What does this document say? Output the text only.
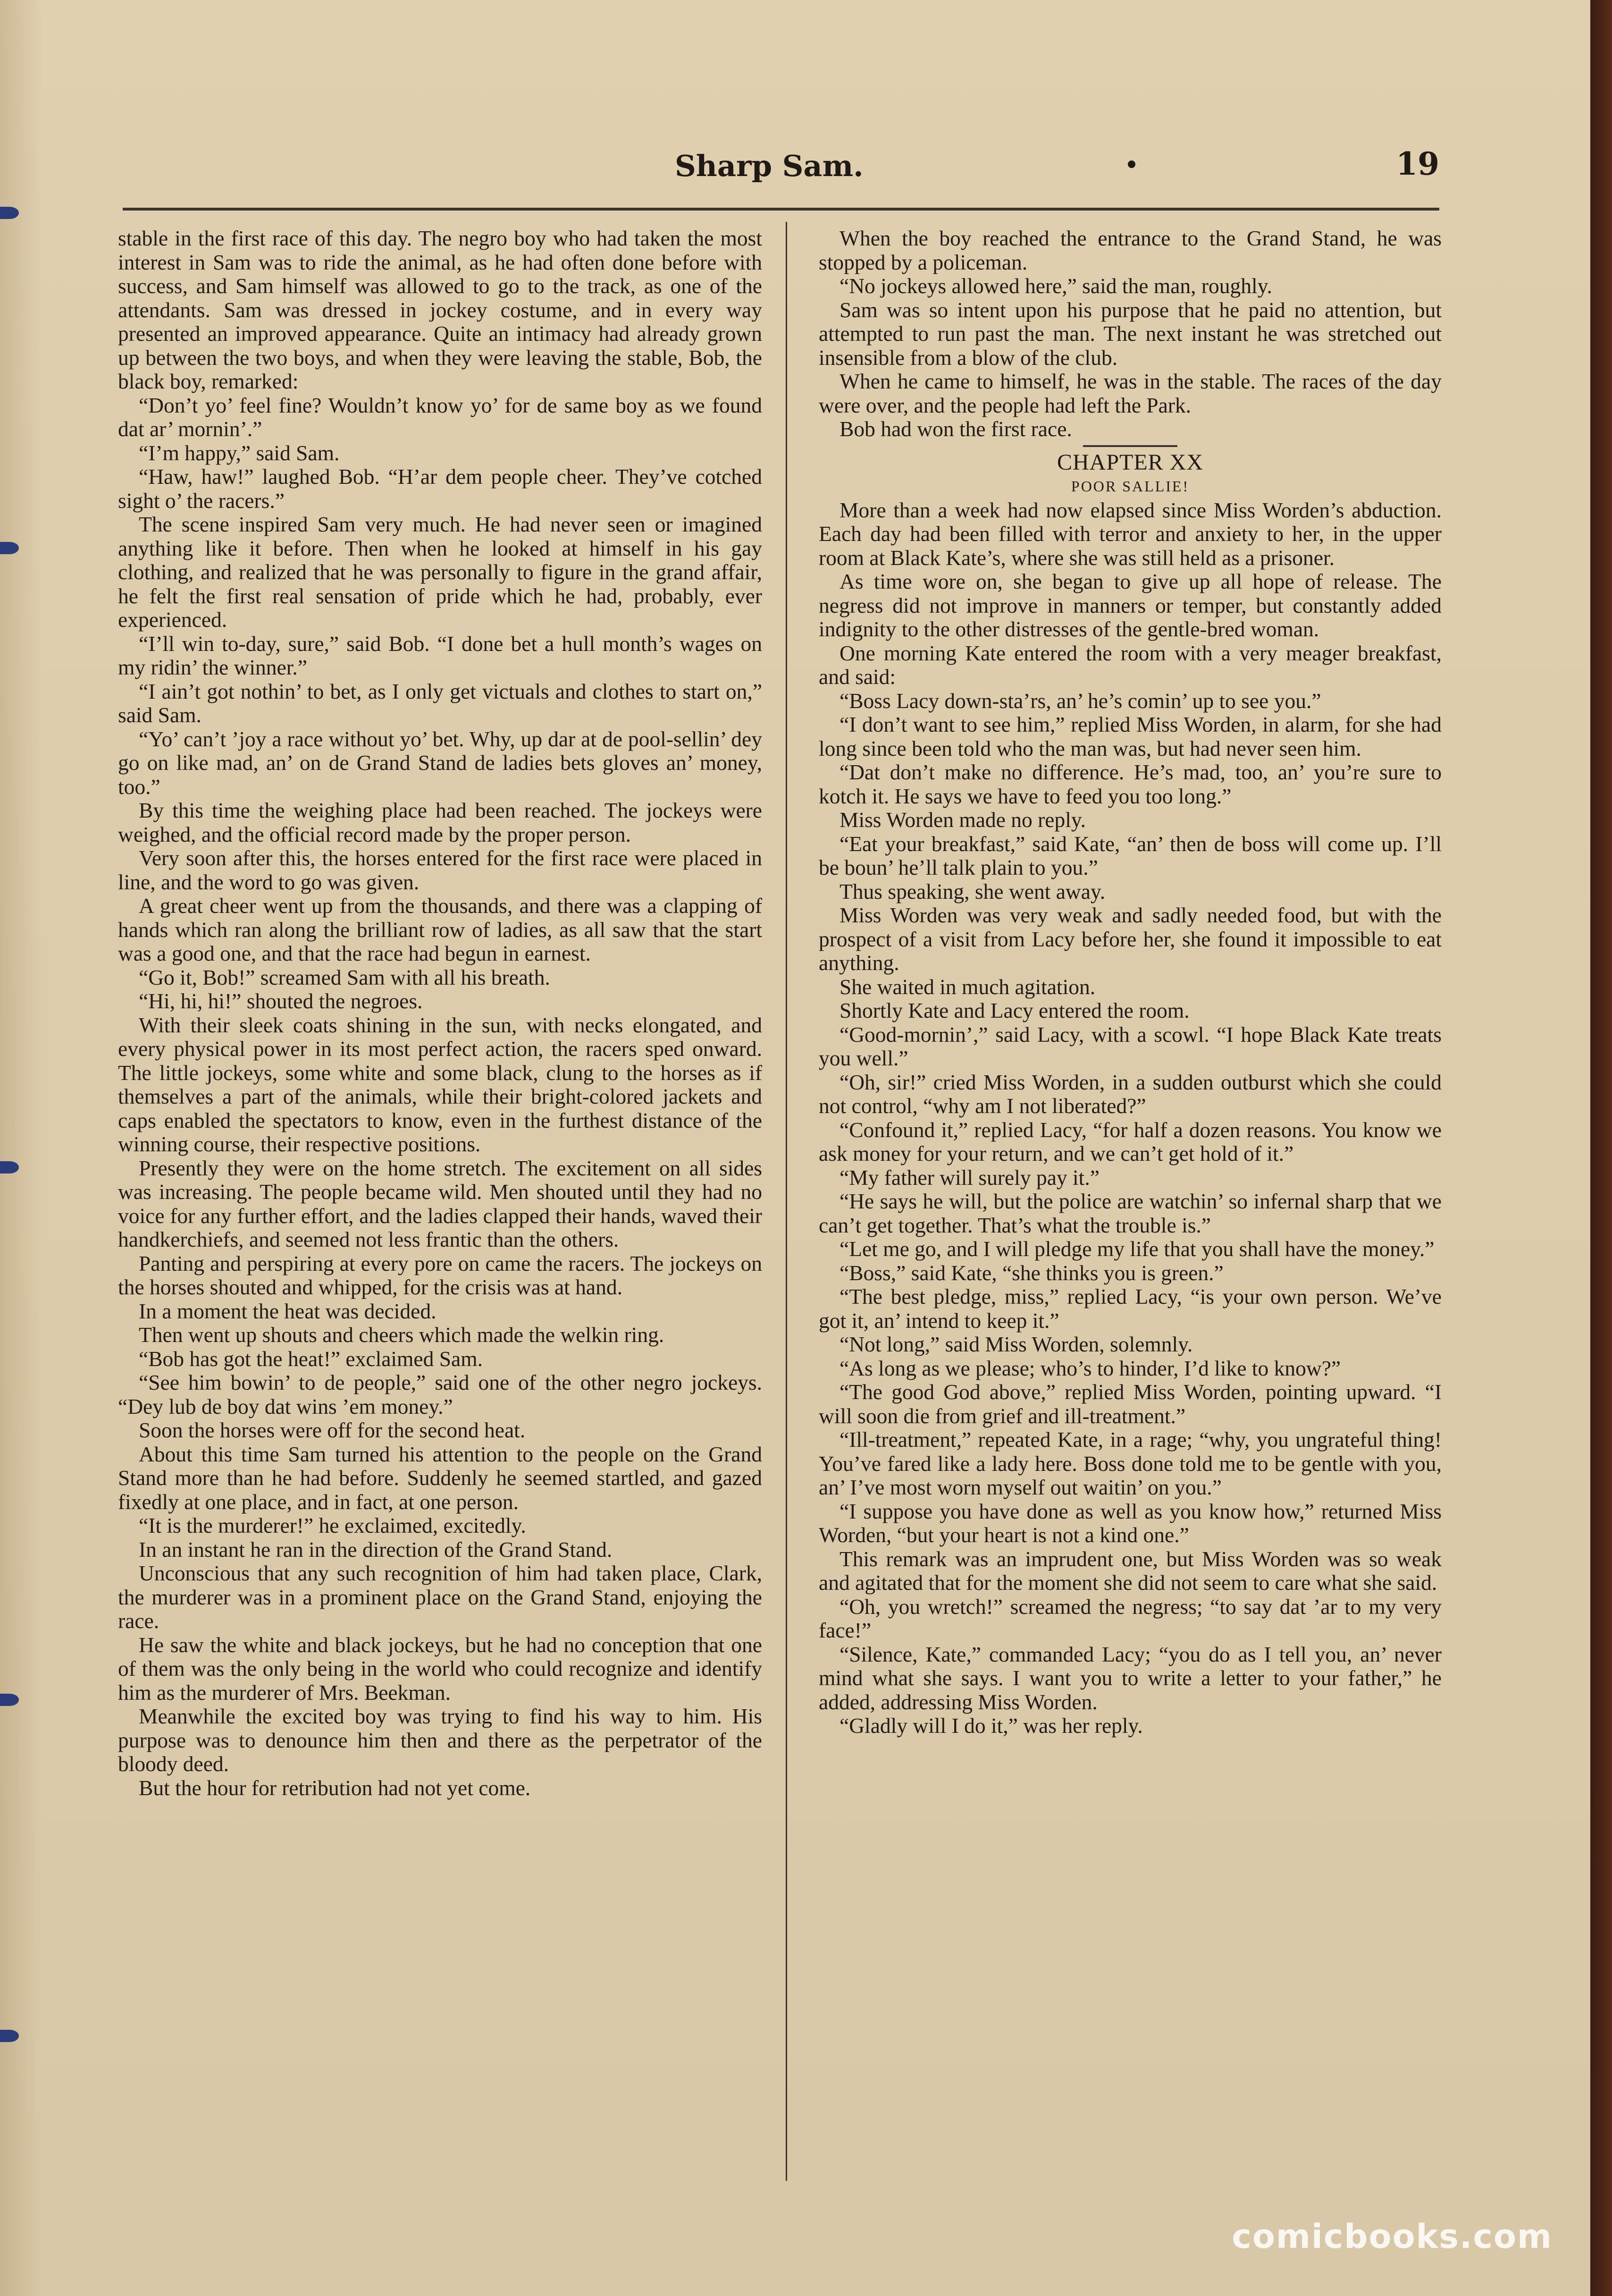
Sharp Sam.	19

stable in the first race of this day. The negro boy who had taken the most interest in Sam was to ride the animal, as he had often done before with success, and Sam himself was allowed to go to the track, as one of the attendants. Sam was dressed in jockey costume, and in every way presented an improved appearance. Quite an intimacy had already grown up between the two boys, and when they were leaving the stable, Bob, the black boy, remarked:

“Don’t yo’ feel fine? Wouldn’t know yo’ for de same boy as we found dat ar’ mornin’.”

“I’m happy,” said Sam.

“Haw, haw!” laughed Bob. “H’ar dem people cheer. They’ve cotched sight o’ the racers.”

The scene inspired Sam very much. He had never seen or imagined anything like it before. Then when he looked at himself in his gay clothing, and realized that he was personally to figure in the grand affair, he felt the first real sensation of pride which he had, probably, ever experienced.

“I’ll win to-day, sure,” said Bob. “I done bet a hull month’s wages on my ridin’ the winner.”

“I ain’t got nothin’ to bet, as I only get victuals and clothes to start on,” said Sam.

“Yo’ can’t ’joy a race without yo’ bet. Why, up dar at de pool-sellin’ dey go on like mad, an’ on de Grand Stand de ladies bets gloves an’ money, too.”

By this time the weighing place had been reached. The jockeys were weighed, and the official record made by the proper person.

Very soon after this, the horses entered for the first race were placed in line, and the word to go was given.

A great cheer went up from the thousands, and there was a clapping of hands which ran along the brilliant row of ladies, as all saw that the start was a good one, and that the race had begun in earnest.

“Go it, Bob!” screamed Sam with all his breath.

“Hi, hi, hi!” shouted the negroes.

With their sleek coats shining in the sun, with necks elongated, and every physical power in its most perfect action, the racers sped onward. The little jockeys, some white and some black, clung to the horses as if themselves a part of the animals, while their bright-colored jackets and caps enabled the spectators to know, even in the furthest distance of the winning course, their respective positions.

Presently they were on the home stretch. The excitement on all sides was increasing. The people became wild. Men shouted until they had no voice for any further effort, and the ladies clapped their hands, waved their handkerchiefs, and seemed not less frantic than the others.

Panting and perspiring at every pore on came the racers. The jockeys on the horses shouted and whipped, for the crisis was at hand.

In a moment the heat was decided.

Then went up shouts and cheers which made the welkin ring.

“Bob has got the heat!” exclaimed Sam.

“See him bowin’ to de people,” said one of the other negro jockeys. “Dey lub de boy dat wins ’em money.”

Soon the horses were off for the second heat.

About this time Sam turned his attention to the people on the Grand Stand more than he had before. Suddenly he seemed startled, and gazed fixedly at one place, and in fact, at one person.

“It is the murderer!” he exclaimed, excitedly.

In an instant he ran in the direction of the Grand Stand.

Unconscious that any such recognition of him had taken place, Clark, the murderer was in a prominent place on the Grand Stand, enjoying the race.

He saw the white and black jockeys, but he had no conception that one of them was the only being in the world who could recognize and identify him as the murderer of Mrs. Beekman.

Meanwhile the excited boy was trying to find his way to him. His purpose was to denounce him then and there as the perpetrator of the bloody deed.

But the hour for retribution had not yet come.

When the boy reached the entrance to the Grand Stand, he was stopped by a policeman.

“No jockeys allowed here,” said the man, roughly.

Sam was so intent upon his purpose that he paid no attention, but attempted to run past the man. The next instant he was stretched out insensible from a blow of the club.

When he came to himself, he was in the stable. The races of the day were over, and the people had left the Park.

Bob had won the first race.

CHAPTER XX

POOR SALLIE!

More than a week had now elapsed since Miss Worden’s abduction. Each day had been filled with terror and anxiety to her, in the upper room at Black Kate’s, where she was still held as a prisoner.

As time wore on, she began to give up all hope of release. The negress did not improve in manners or temper, but constantly added indignity to the other distresses of the gentle-bred woman.

One morning Kate entered the room with a very meager breakfast, and said:

“Boss Lacy down-sta’rs, an’ he’s comin’ up to see you.”

“I don’t want to see him,” replied Miss Worden, in alarm, for she had long since been told who the man was, but had never seen him.

“Dat don’t make no difference. He’s mad, too, an’ you’re sure to kotch it. He says we have to feed you too long.”

Miss Worden made no reply.

“Eat your breakfast,” said Kate, “an’ then de boss will come up. I’ll be boun’ he’ll talk plain to you.”

Thus speaking, she went away.

Miss Worden was very weak and sadly needed food, but with the prospect of a visit from Lacy before her, she found it impossible to eat anything.

She waited in much agitation.

Shortly Kate and Lacy entered the room.

“Good-mornin’,” said Lacy, with a scowl. “I hope Black Kate treats you well.”

“Oh, sir!” cried Miss Worden, in a sudden outburst which she could not control, “why am I not liberated?”

“Confound it,” replied Lacy, “for half a dozen reasons. You know we ask money for your return, and we can’t get hold of it.”

“My father will surely pay it.”

“He says he will, but the police are watchin’ so infernal sharp that we can’t get together. That’s what the trouble is.”

“Let me go, and I will pledge my life that you shall have the money.”

“Boss,” said Kate, “she thinks you is green.”

“The best pledge, miss,” replied Lacy, “is your own person. We’ve got it, an’ intend to keep it.”

“Not long,” said Miss Worden, solemnly.

“As long as we please; who’s to hinder, I’d like to know?”

“The good God above,” replied Miss Worden, pointing upward. “I will soon die from grief and ill-treatment.”

“Ill-treatment,” repeated Kate, in a rage; “why, you ungrateful thing! You’ve fared like a lady here. Boss done told me to be gentle with you, an’ I’ve most worn myself out waitin’ on you.”

“I suppose you have done as well as you know how,” returned Miss Worden, “but your heart is not a kind one.”

This remark was an imprudent one, but Miss Worden was so weak and agitated that for the moment she did not seem to care what she said.

“Oh, you wretch!” screamed the negress; “to say dat ’ar to my very face!”

“Silence, Kate,” commanded Lacy; “you do as I tell you, an’ never mind what she says. I want you to write a letter to your father,” he added, addressing Miss Worden.

“Gladly will I do it,” was her reply.

comicbooks.com
